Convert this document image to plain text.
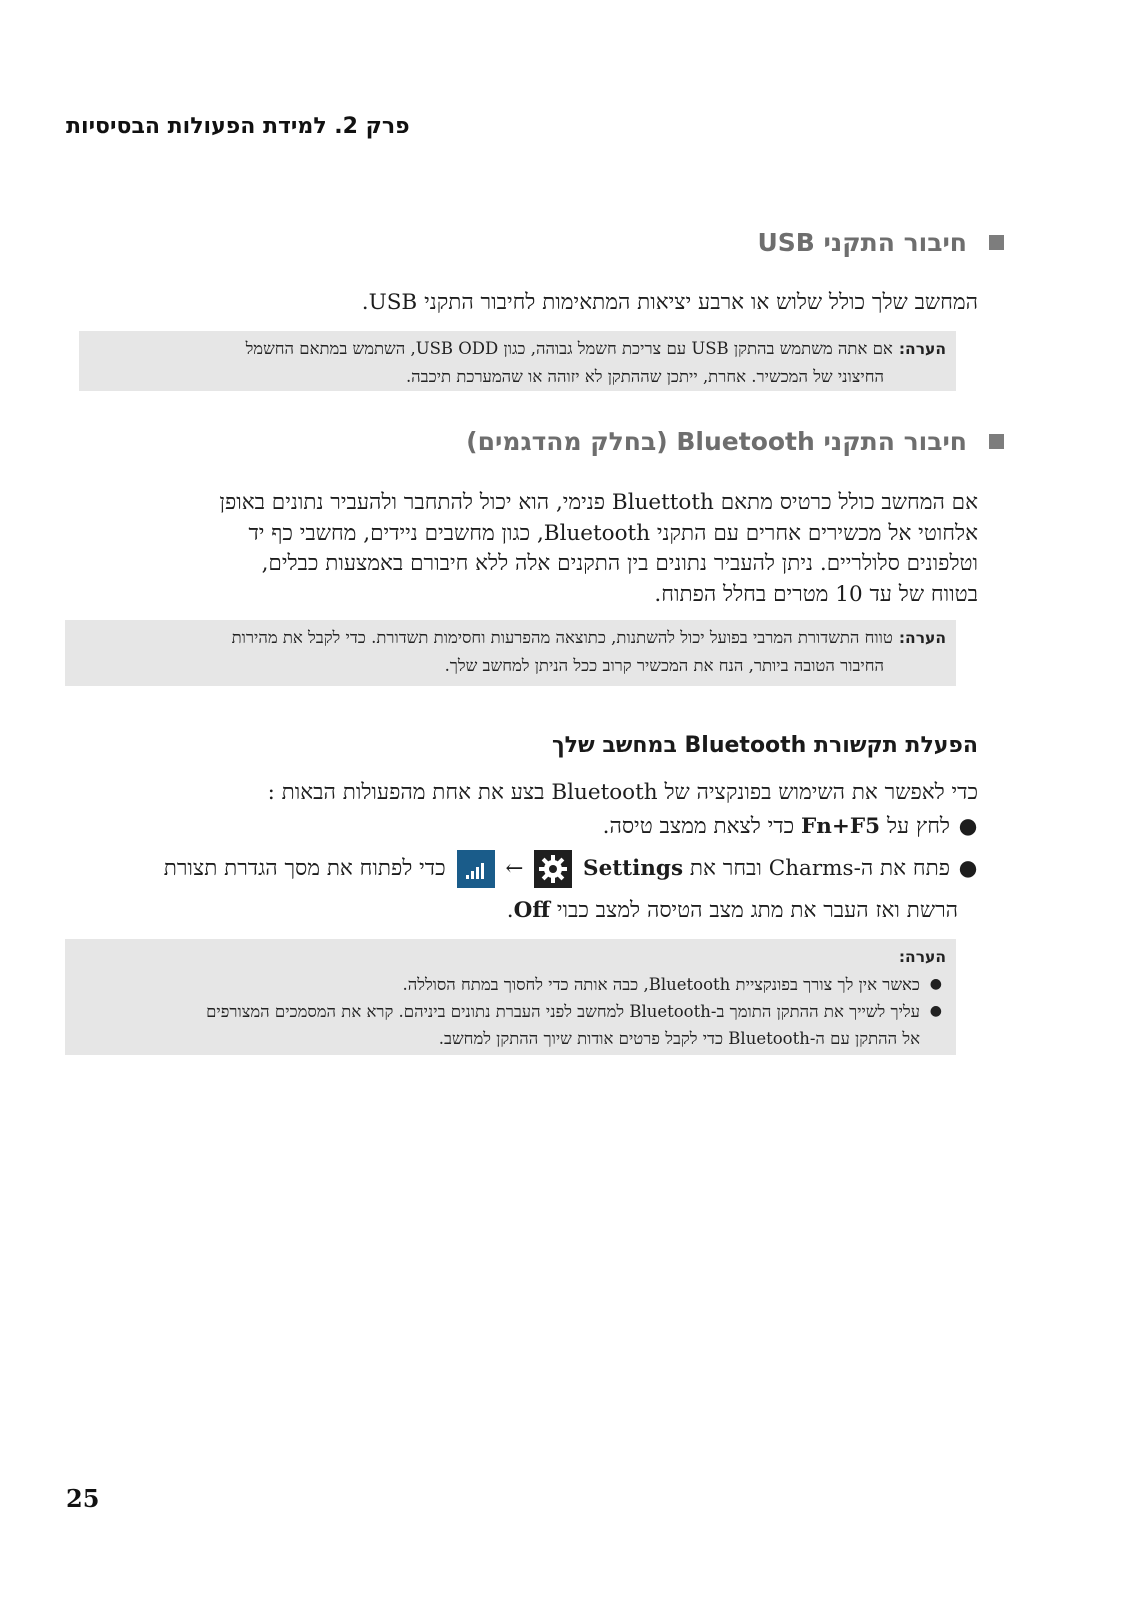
פרק 2. למידת הפעולות הבסיסיות
חיבור התקני USB
המחשב שלך כולל שלוש או ארבע יציאות המתאימות לחיבור התקני USB.
הערה:אם אתה משתמש בהתקן USB עם צריכת חשמל גבוהה, כגון USB ODD, השתמש במתאם החשמל
החיצוני של המכשיר. אחרת, ייתכן שההתקן לא יזוהה או שהמערכת תיכבה.
חיבור התקני Bluetooth (בחלק מהדגמים)
אם המחשב כולל כרטיס מתאם Bluettoth פנימי, הוא יכול להתחבר ולהעביר נתונים באופן
אלחוטי אל מכשירים אחרים עם התקני Bluetooth, כגון מחשבים ניידים, מחשבי כף יד
וטלפונים סלולריים. ניתן להעביר נתונים בין התקנים אלה ללא חיבורם באמצעות כבלים,
בטווח של עד 10 מטרים בחלל הפתוח.
הערה:טווח התשדורת המרבי בפועל יכול להשתנות, כתוצאה מהפרעות וחסימות תשדורת. כדי לקבל את מהירות
החיבור הטובה ביותר, הנח את המכשיר קרוב ככל הניתן למחשב שלך.
הפעלת תקשורת Bluetooth במחשב שלך
כדי לאפשר את השימוש בפונקציה של Bluetooth בצע את אחת מהפעולות הבאות :
●לחץ על Fn+F5 כדי לצאת ממצב טיסה.
●פתח את ה-Charms ובחר את Settings  ←  כדי לפתוח את מסך הגדרת תצורת
הרשת ואז העבר את מתג מצב הטיסה למצב כבוי Off.
הערה:
●
כאשר אין לך צורך בפונקציית Bluetooth, כבה אותה כדי לחסוך במתח הסוללה.
●
עליך לשייך את ההתקן התומך ב-Bluetooth למחשב לפני העברת נתונים ביניהם. קרא את המסמכים המצורפים
אל ההתקן עם ה-Bluetooth כדי לקבל פרטים אודות שיוך ההתקן למחשב.
25
